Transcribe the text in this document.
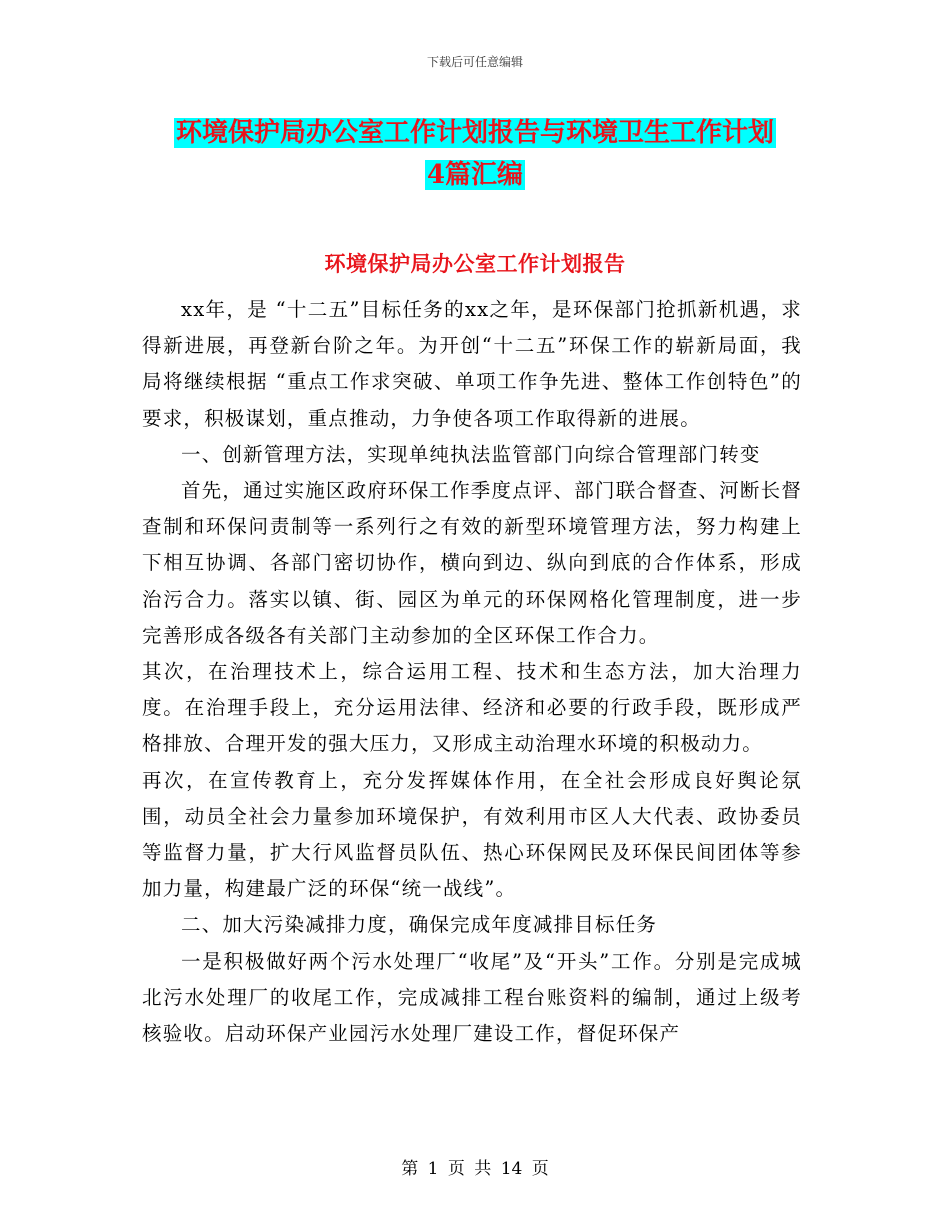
下载后可任意编辑
环境保护局办公室工作计划报告与环境卫生工作计划
4篇汇编
环境保护局办公室工作计划报告

xx年，是 “十二五”目标任务的xx之年，是环保部门抢抓新机遇，求得新进展，再登新台阶之年。为开创“十二五”环保工作的崭新局面，我局将继续根据 “重点工作求突破、单项工作争先进、整体工作创特色”的要求，积极谋划，重点推动，力争使各项工作取得新的进展。

一、创新管理方法，实现单纯执法监管部门向综合管理部门转变

首先，通过实施区政府环保工作季度点评、部门联合督查、河断长督查制和环保问责制等一系列行之有效的新型环境管理方法，努力构建上下相互协调、各部门密切协作，横向到边、纵向到底的合作体系，形成治污合力。落实以镇、街、园区为单元的环保网格化管理制度，进一步完善形成各级各有关部门主动参加的全区环保工作合力。

其次，在治理技术上，综合运用工程、技术和生态方法，加大治理力度。在治理手段上，充分运用法律、经济和必要的行政手段，既形成严格排放、合理开发的强大压力，又形成主动治理水环境的积极动力。

再次，在宣传教育上，充分发挥媒体作用，在全社会形成良好舆论氛围，动员全社会力量参加环境保护，有效利用市区人大代表、政协委员等监督力量，扩大行风监督员队伍、热心环保网民及环保民间团体等参加力量，构建最广泛的环保“统一战线”。

二、加大污染减排力度，确保完成年度减排目标任务

一是积极做好两个污水处理厂“收尾”及“开头”工作。分别是完成城北污水处理厂的收尾工作，完成减排工程台账资料的编制，通过上级考核验收。启动环保产业园污水处理厂建设工作，督促环保产

第 1 页 共 14 页
